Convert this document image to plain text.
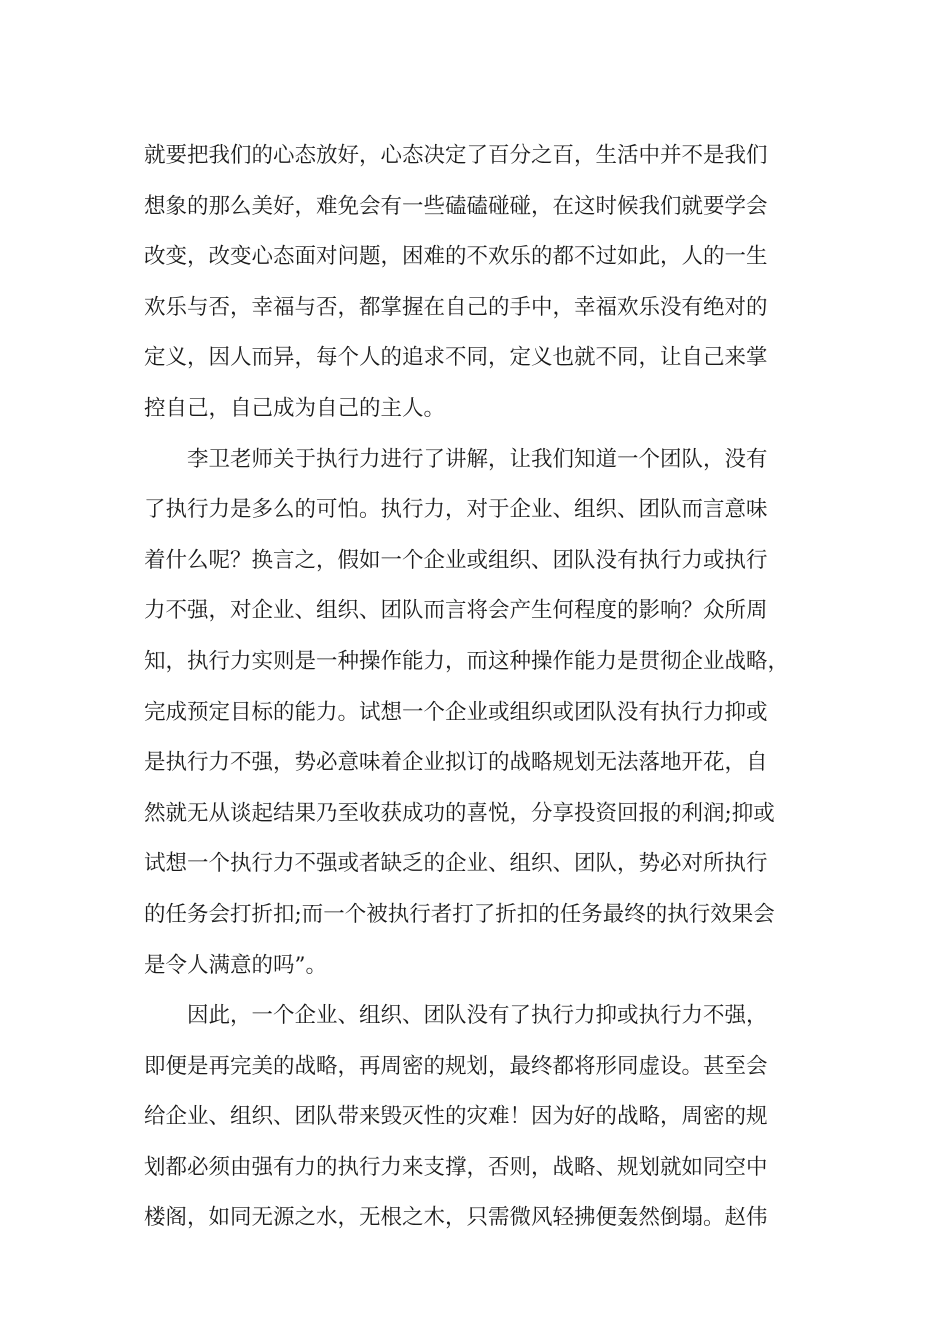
就要把我们的心态放好，心态决定了百分之百，生活中并不是我们
想象的那么美好，难免会有一些磕磕碰碰，在这时候我们就要学会
改变，改变心态面对问题，困难的不欢乐的都不过如此，人的一生
欢乐与否，幸福与否，都掌握在自己的手中，幸福欢乐没有绝对的
定义，因人而异，每个人的追求不同，定义也就不同，让自己来掌
控自己，自己成为自己的主人。
李卫老师关于执行力进行了讲解，让我们知道一个团队，没有
了执行力是多么的可怕。执行力，对于企业、组织、团队而言意味
着什么呢？换言之，假如一个企业或组织、团队没有执行力或执行
力不强，对企业、组织、团队而言将会产生何程度的影响？众所周
知，执行力实则是一种操作能力，而这种操作能力是贯彻企业战略，
完成预定目标的能力。试想一个企业或组织或团队没有执行力抑或
是执行力不强，势必意味着企业拟订的战略规划无法落地开花，自
然就无从谈起结果乃至收获成功的喜悦，分享投资回报的利润;抑或
试想一个执行力不强或者缺乏的企业、组织、团队，势必对所执行
的任务会打折扣;而一个被执行者打了折扣的任务最终的执行效果会
是令人满意的吗”。
因此，一个企业、组织、团队没有了执行力抑或执行力不强，
即便是再完美的战略，再周密的规划，最终都将形同虚设。甚至会
给企业、组织、团队带来毁灭性的灾难！因为好的战略，周密的规
划都必须由强有力的执行力来支撑，否则，战略、规划就如同空中
楼阁，如同无源之水，无根之木，只需微风轻拂便轰然倒塌。赵伟
